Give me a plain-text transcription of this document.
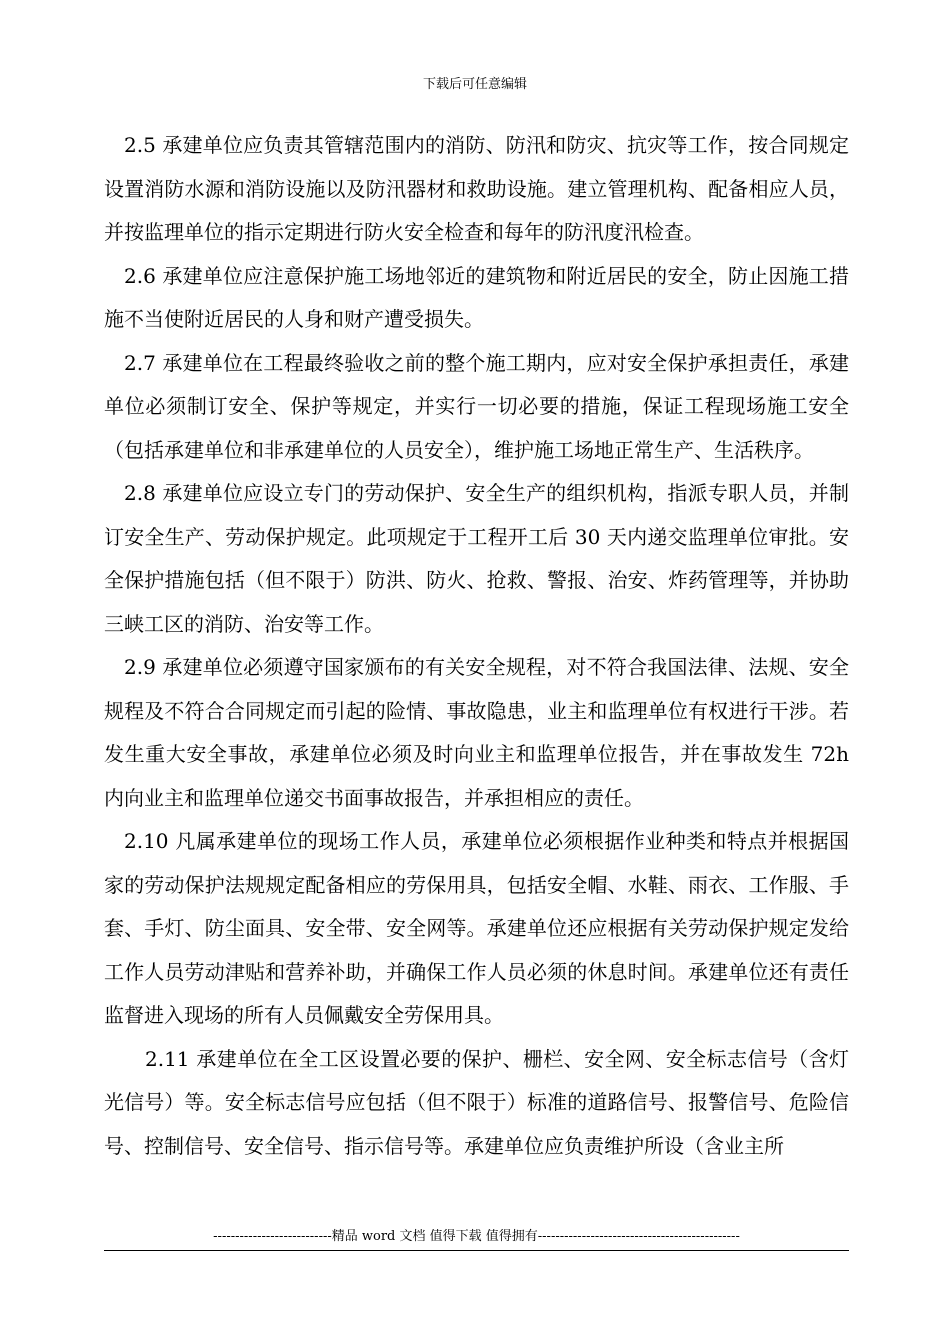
下载后可任意编辑

2.5 承建单位应负责其管辖范围内的消防、防汛和防灾、抗灾等工作，按合同规定设置消防水源和消防设施以及防汛器材和救助设施。建立管理机构、配备相应人员，并按监理单位的指示定期进行防火安全检查和每年的防汛度汛检查。

2.6 承建单位应注意保护施工场地邻近的建筑物和附近居民的安全，防止因施工措施不当使附近居民的人身和财产遭受损失。

2.7 承建单位在工程最终验收之前的整个施工期内，应对安全保护承担责任，承建单位必须制订安全、保护等规定，并实行一切必要的措施，保证工程现场施工安全（包括承建单位和非承建单位的人员安全），维护施工场地正常生产、生活秩序。

2.8 承建单位应设立专门的劳动保护、安全生产的组织机构，指派专职人员，并制订安全生产、劳动保护规定。此项规定于工程开工后 30 天内递交监理单位审批。安全保护措施包括（但不限于）防洪、防火、抢救、警报、治安、炸药管理等，并协助三峡工区的消防、治安等工作。

2.9 承建单位必须遵守国家颁布的有关安全规程，对不符合我国法律、法规、安全规程及不符合合同规定而引起的险情、事故隐患，业主和监理单位有权进行干涉。若发生重大安全事故，承建单位必须及时向业主和监理单位报告，并在事故发生 72h 内向业主和监理单位递交书面事故报告，并承担相应的责任。

2.10 凡属承建单位的现场工作人员，承建单位必须根据作业种类和特点并根据国家的劳动保护法规规定配备相应的劳保用具，包括安全帽、水鞋、雨衣、工作服、手套、手灯、防尘面具、安全带、安全网等。承建单位还应根据有关劳动保护规定发给工作人员劳动津贴和营养补助，并确保工作人员必须的休息时间。承建单位还有责任监督进入现场的所有人员佩戴安全劳保用具。

2.11 承建单位在全工区设置必要的保护、栅栏、安全网、安全标志信号（含灯光信号）等。安全标志信号应包括（但不限于）标准的道路信号、报警信号、危险信号、控制信号、安全信号、指示信号等。承建单位应负责维护所设（含业主所

---------------------------精品 word 文档 值得下载 值得拥有----------------------------------------------
